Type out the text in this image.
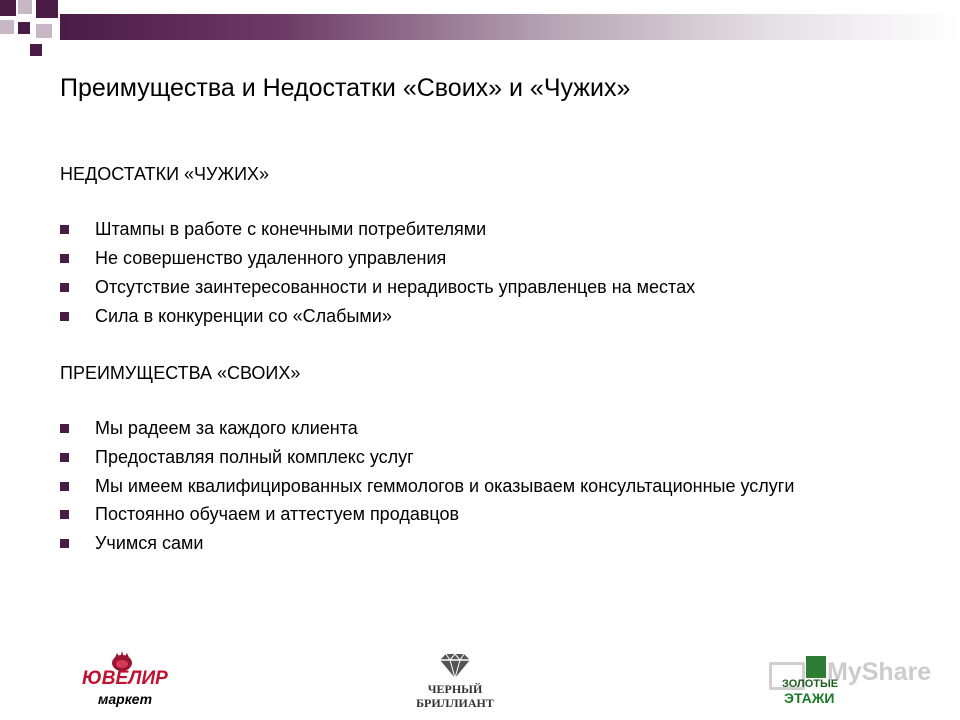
Преимущества и Недостатки «Своих» и «Чужих»
НЕДОСТАТКИ «ЧУЖИХ»
Штампы в работе с конечными потребителями
Не совершенство удаленного управления
Отсутствие заинтересованности и нерадивость управленцев на местах
Сила в конкуренции со «Слабыми»
ПРЕИМУЩЕСТВА «СВОИХ»
Мы радеем за каждого клиента
Предоставляя полный комплекс услуг
Мы имеем квалифицированных геммологов и оказываем консультационные услуги
Постоянно обучаем и аттестуем продавцов
Учимся сами
ЮВЕЛИР
маркет
ЧЕРНЫЙ
БРИЛЛИАНТ
MyShare
ЗОЛОТЫЕ
ЭТАЖИ
